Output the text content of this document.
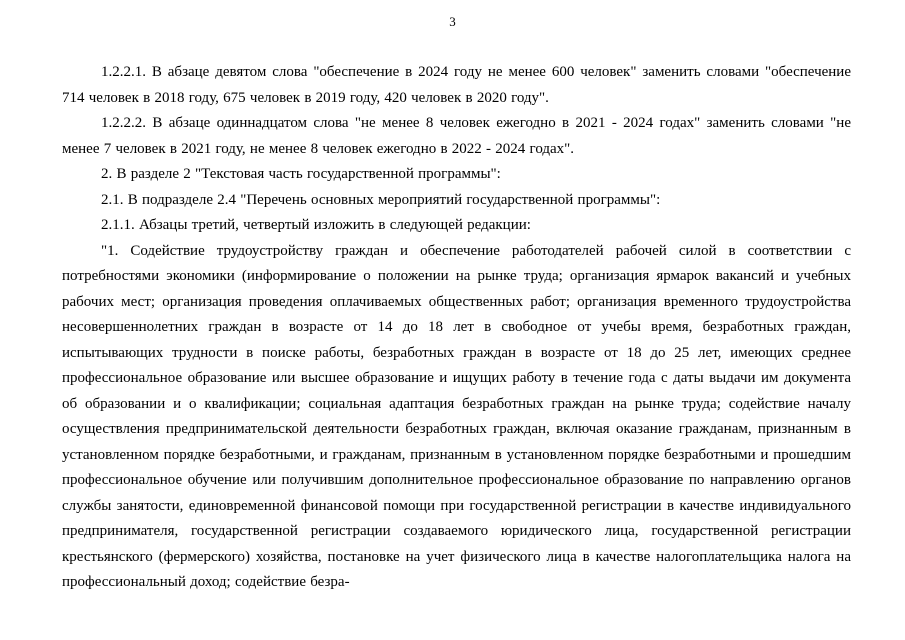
3

1.2.2.1. В абзаце девятом слова "обеспечение в 2024 году не менее 600 человек" заменить словами "обеспечение 714 человек в 2018 году, 675 человек в 2019 году, 420 человек в 2020 году".

1.2.2.2. В абзаце одиннадцатом слова "не менее 8 человек ежегодно в 2021 - 2024 годах" заменить словами "не менее 7 человек в 2021 году, не менее 8 человек ежегодно в 2022 - 2024 годах".

2. В разделе 2 "Текстовая часть государственной программы":

2.1. В подразделе 2.4 "Перечень основных мероприятий государственной программы":

2.1.1. Абзацы третий, четвертый изложить в следующей редакции:

"1. Содействие трудоустройству граждан и обеспечение работодателей рабочей силой в соответствии с потребностями экономики (информирование о положении на рынке труда; организация ярмарок вакансий и учебных рабочих мест; организация проведения оплачиваемых общественных работ; организация временного трудоустройства несовершеннолетних граждан в возрасте от 14 до 18 лет в свободное от учебы время, безработных граждан, испытывающих трудности в поиске работы, безработных граждан в возрасте от 18 до 25 лет, имеющих среднее профессиональное образование или высшее образование и ищущих работу в течение года с даты выдачи им документа об образовании и о квалификации; социальная адаптация безработных граждан на рынке труда; содействие началу осуществления предпринимательской деятельности безработных граждан, включая оказание гражданам, признанным в установленном порядке безработными, и гражданам, признанным в установленном порядке безработными и прошедшим профессиональное обучение или получившим дополнительное профессиональное образование по направлению органов службы занятости, единовременной финансовой помощи при государственной регистрации в качестве индивидуального предпринимателя, государственной регистрации создаваемого юридического лица, государственной регистрации крестьянского (фермерского) хозяйства, постановке на учет физического лица в качестве налогоплательщика налога на профессиональный доход; содействие безра-
